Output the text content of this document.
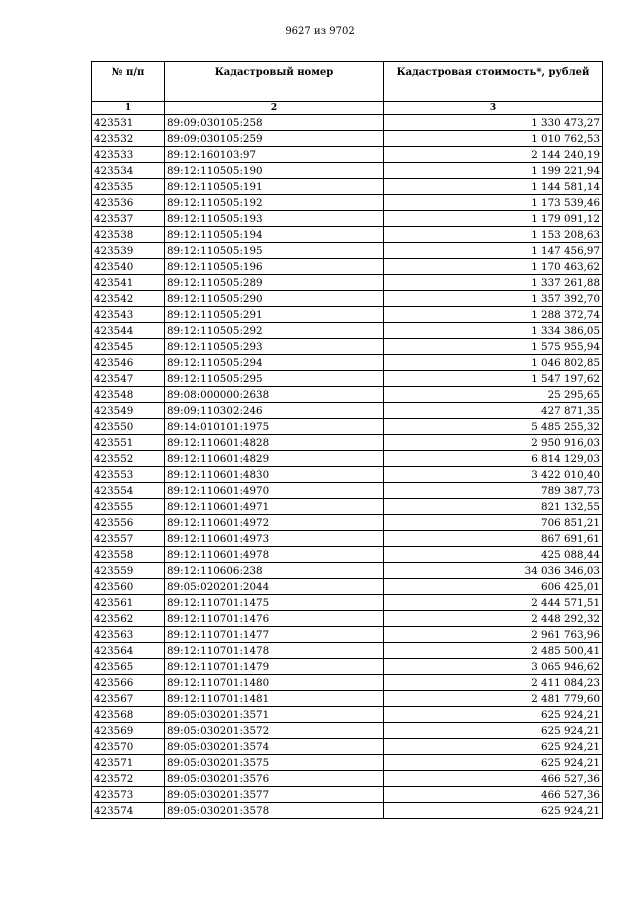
9627 из 9702
№ п/п	Кадастровый номер	Кадастровая стоимость*, рублей
1	2	3
423531	89:09:030105:258	1 330 473,27
423532	89:09:030105:259	1 010 762,53
423533	89:12:160103:97	2 144 240,19
423534	89:12:110505:190	1 199 221,94
423535	89:12:110505:191	1 144 581,14
423536	89:12:110505:192	1 173 539,46
423537	89:12:110505:193	1 179 091,12
423538	89:12:110505:194	1 153 208,63
423539	89:12:110505:195	1 147 456,97
423540	89:12:110505:196	1 170 463,62
423541	89:12:110505:289	1 337 261,88
423542	89:12:110505:290	1 357 392,70
423543	89:12:110505:291	1 288 372,74
423544	89:12:110505:292	1 334 386,05
423545	89:12:110505:293	1 575 955,94
423546	89:12:110505:294	1 046 802,85
423547	89:12:110505:295	1 547 197,62
423548	89:08:000000:2638	25 295,65
423549	89:09:110302:246	427 871,35
423550	89:14:010101:1975	5 485 255,32
423551	89:12:110601:4828	2 950 916,03
423552	89:12:110601:4829	6 814 129,03
423553	89:12:110601:4830	3 422 010,40
423554	89:12:110601:4970	789 387,73
423555	89:12:110601:4971	821 132,55
423556	89:12:110601:4972	706 851,21
423557	89:12:110601:4973	867 691,61
423558	89:12:110601:4978	425 088,44
423559	89:12:110606:238	34 036 346,03
423560	89:05:020201:2044	606 425,01
423561	89:12:110701:1475	2 444 571,51
423562	89:12:110701:1476	2 448 292,32
423563	89:12:110701:1477	2 961 763,96
423564	89:12:110701:1478	2 485 500,41
423565	89:12:110701:1479	3 065 946,62
423566	89:12:110701:1480	2 411 084,23
423567	89:12:110701:1481	2 481 779,60
423568	89:05:030201:3571	625 924,21
423569	89:05:030201:3572	625 924,21
423570	89:05:030201:3574	625 924,21
423571	89:05:030201:3575	625 924,21
423572	89:05:030201:3576	466 527,36
423573	89:05:030201:3577	466 527,36
423574	89:05:030201:3578	625 924,21
